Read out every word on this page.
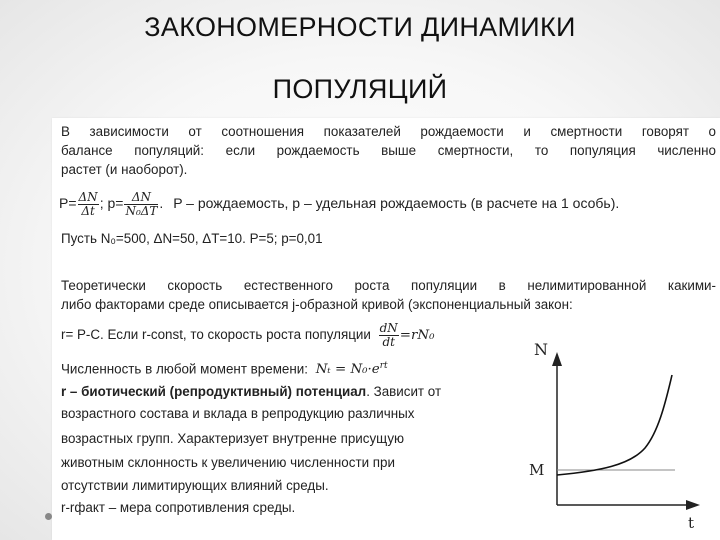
ЗАКОНОМЕРНОСТИ ДИНАМИКИ
ПОПУЛЯЦИЙ
В зависимости от соотношения показателей рождаемости и смертности говорят о
балансе популяций: если рождаемость выше смертности, то популяция численно
растет (и наоборот).
$P= \frac{\Delta N}{\Delta t}$ ; $p= \frac{\Delta N}{\text{N₀ΔT}}$ . P – рождаемость, p – удельная рождаемость (в расчете на 1 особь).
Пусть N₀=500, ΔN=50, ΔT=10. P=5; p=0,01
Теоретически скорость естественного роста популяции в нелимитированной какими-
либо факторами среде описывается j-образной кривой (экспоненциальный закон:
r= P-C. Если r-const, то скорость роста популяции $\frac{dN}{dt} =rN_0$
Численность в любой момент времени: $N_t = N_0\cdot e^{rt}$
r – биотический (репродуктивный) потенциал. Зависит от
возрастного состава и вклада в репродукцию различных
возрастных групп. Характеризует внутренне присущую
животным склонность к увеличению численности при
отсутствии лимитирующих влияний среды.
r-rфакт – мера сопротивления среды.
N
M
t
